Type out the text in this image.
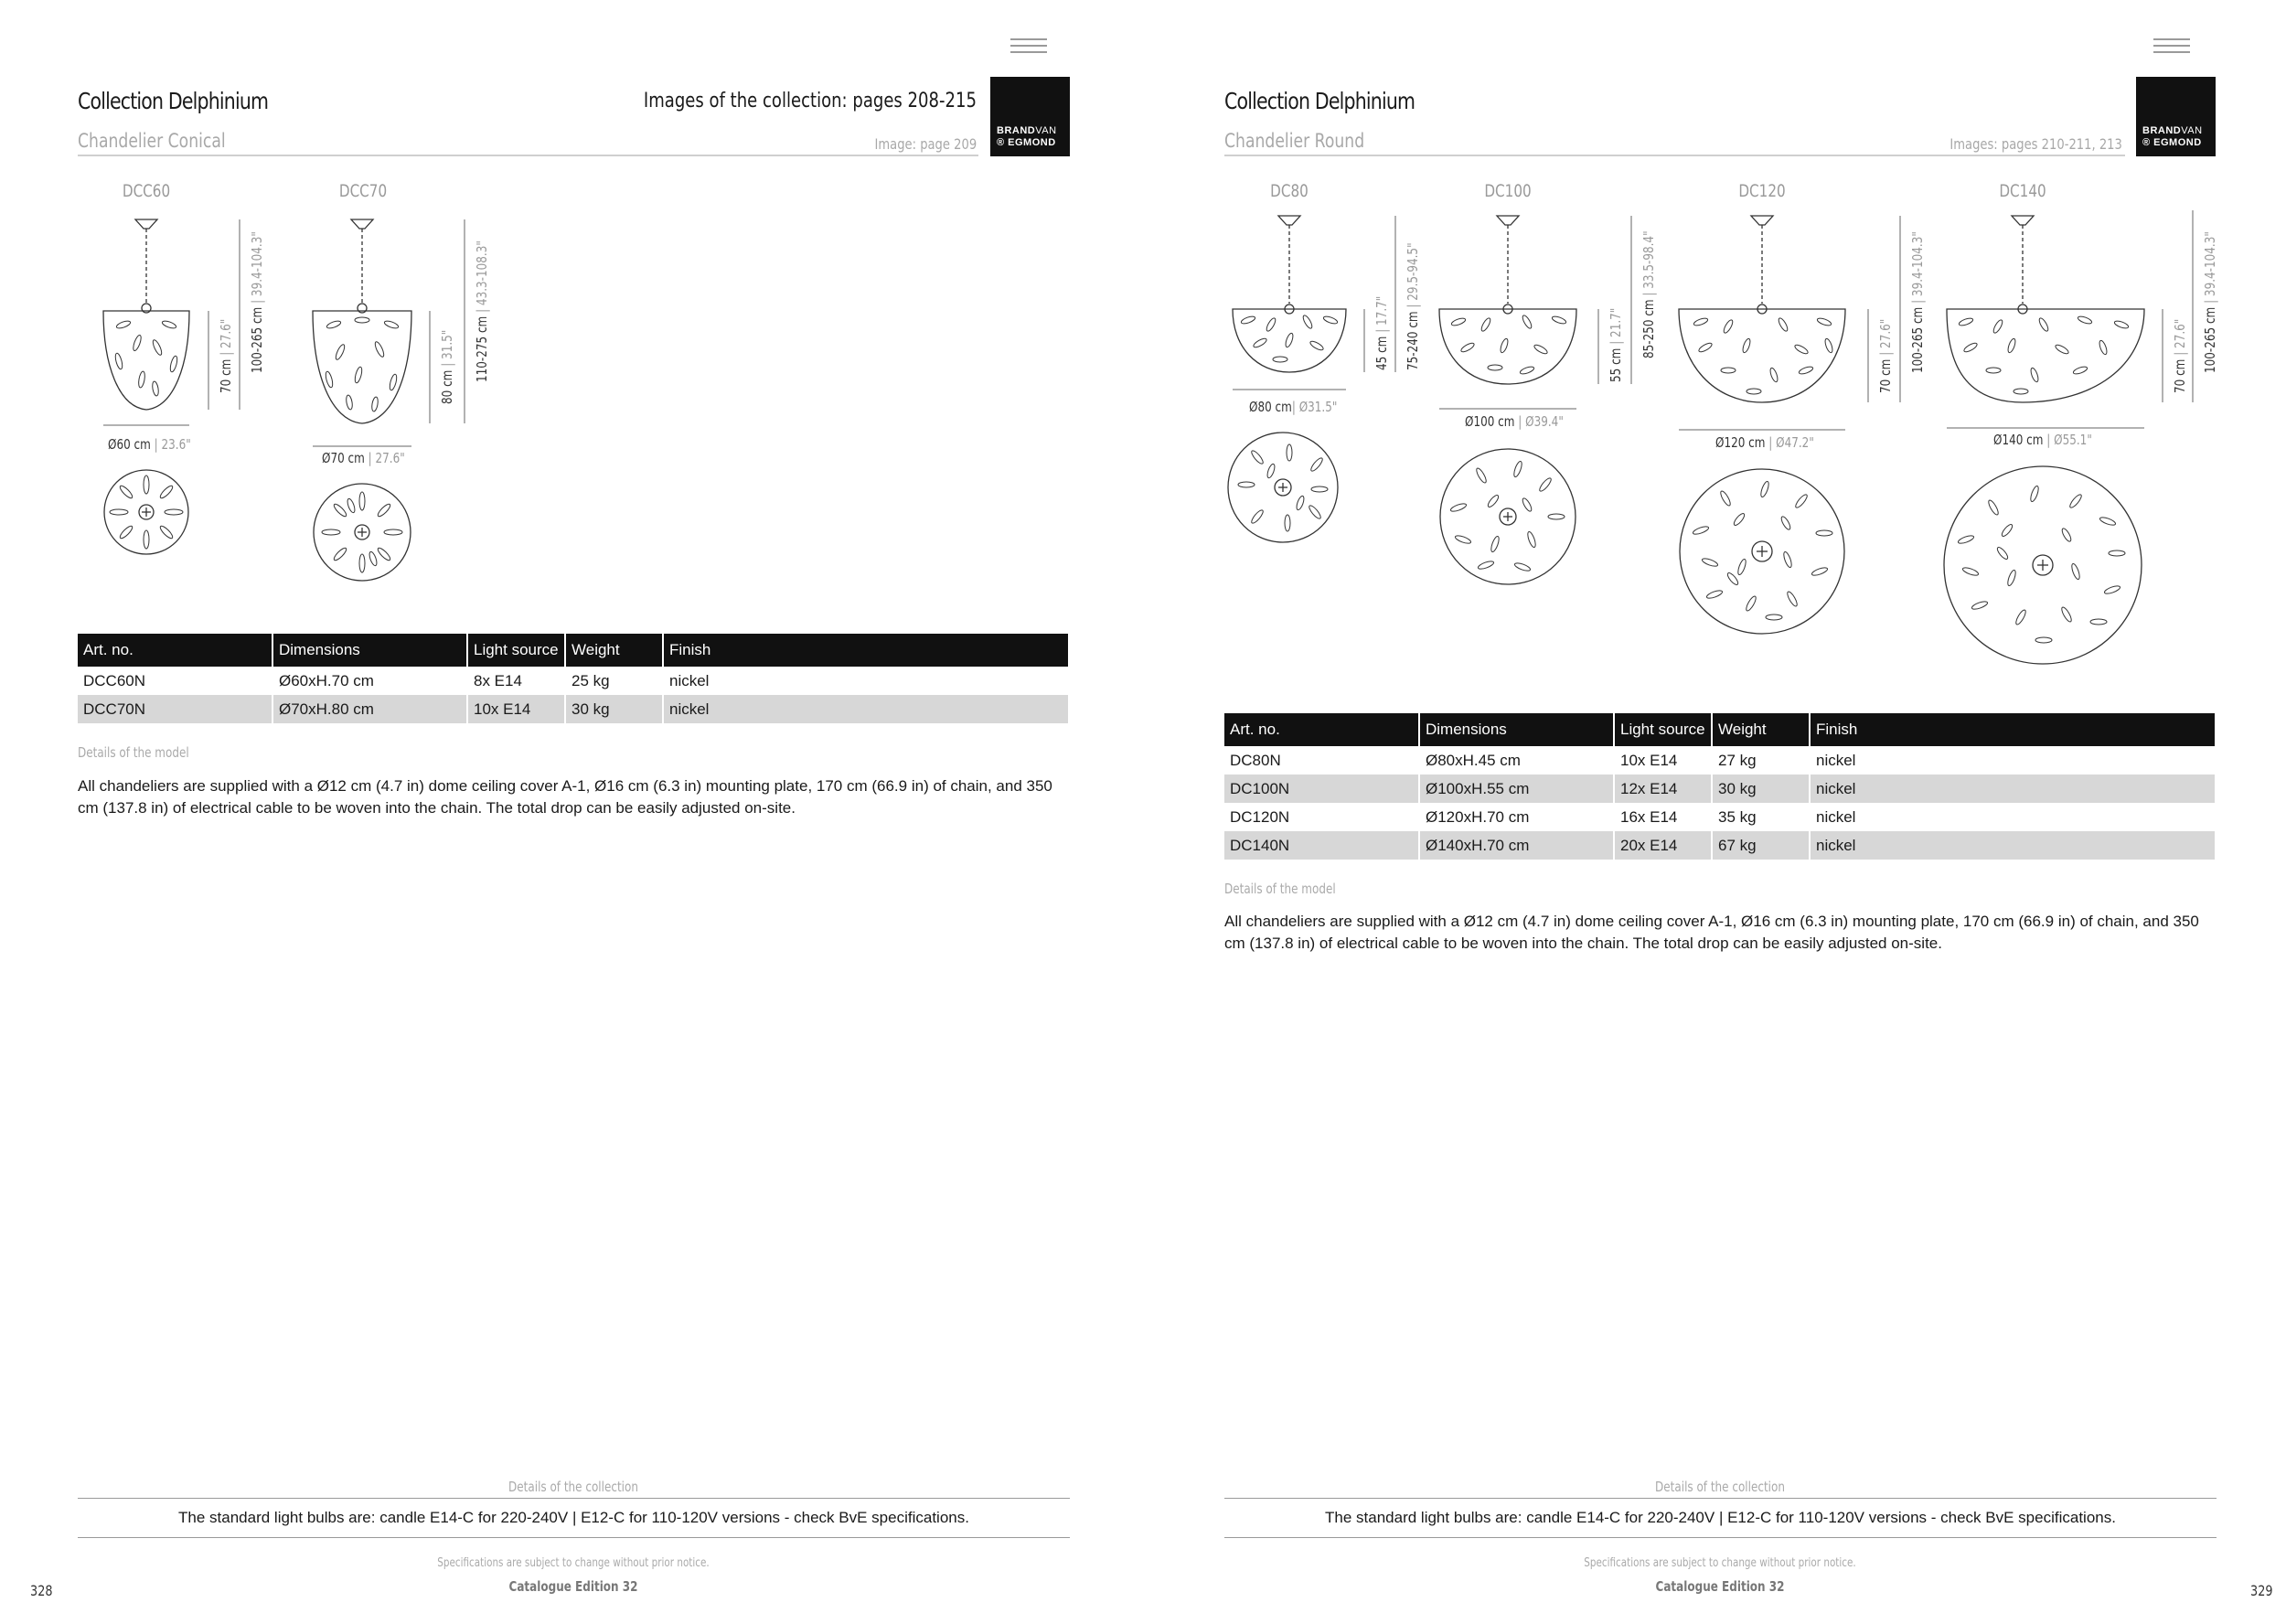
Collection Delphinium	Images of the collection: pages 208-215
Chandelier Conical	Image: page 209
BRANDVAN
® EGMOND
DCC60	DCC70
70 cm | 27.6" 100-265 cm | 39.4-104.3"
Ø60 cm | 23.6"
80 cm | 31.5" 110-275 cm | 43.3-108.3"
Ø70 cm | 27.6"
Art. no.	Dimensions	Light source	Weight	Finish
DCC60N	Ø60xH.70 cm	8x E14	25 kg	nickel
DCC70N	Ø70xH.80 cm	10x E14	30 kg	nickel
Details of the model
All chandeliers are supplied with a Ø12 cm (4.7 in) dome ceiling cover A-1, Ø16 cm (6.3 in) mounting plate, 170 cm (66.9 in) of chain, and 350 cm (137.8 in) of electrical cable to be woven into the chain. The total drop can be easily adjusted on-site.
Details of the collection
The standard light bulbs are: candle E14-C for 220-240V | E12-C for 110-120V versions - check BvE specifications.
Specifications are subject to change without prior notice.
Catalogue Edition 32
328
Collection Delphinium
Chandelier Round	Images: pages 210-211, 213
BRANDVAN
® EGMOND
DC80	DC100	DC120	DC140
45 cm | 17.7"
75-240 cm | 29.5-94.5"
Ø80 cm| Ø31.5"
55 cm | 21.7" 85-250 cm | 33.5-98.4"
Ø100 cm | Ø39.4"
70 cm | 27.6" 100-265 cm | 39.4-104.3"
Ø120 cm | Ø47.2"
70 cm | 27.6" 100-265 cm | 39.4-104.3"
Ø140 cm | Ø55.1"
Art. no.	Dimensions	Light source	Weight	Finish
DC80N	Ø80xH.45 cm	10x E14	27 kg	nickel
DC100N	Ø100xH.55 cm	12x E14	30 kg	nickel
DC120N	Ø120xH.70 cm	16x E14	35 kg	nickel
DC140N	Ø140xH.70 cm	20x E14	67 kg	nickel
Details of the model
All chandeliers are supplied with a Ø12 cm (4.7 in) dome ceiling cover A-1, Ø16 cm (6.3 in) mounting plate, 170 cm (66.9 in) of chain, and 350 cm (137.8 in) of electrical cable to be woven into the chain. The total drop can be easily adjusted on-site.
Details of the collection
The standard light bulbs are: candle E14-C for 220-240V | E12-C for 110-120V versions - check BvE specifications.
Specifications are subject to change without prior notice.
Catalogue Edition 32	329
